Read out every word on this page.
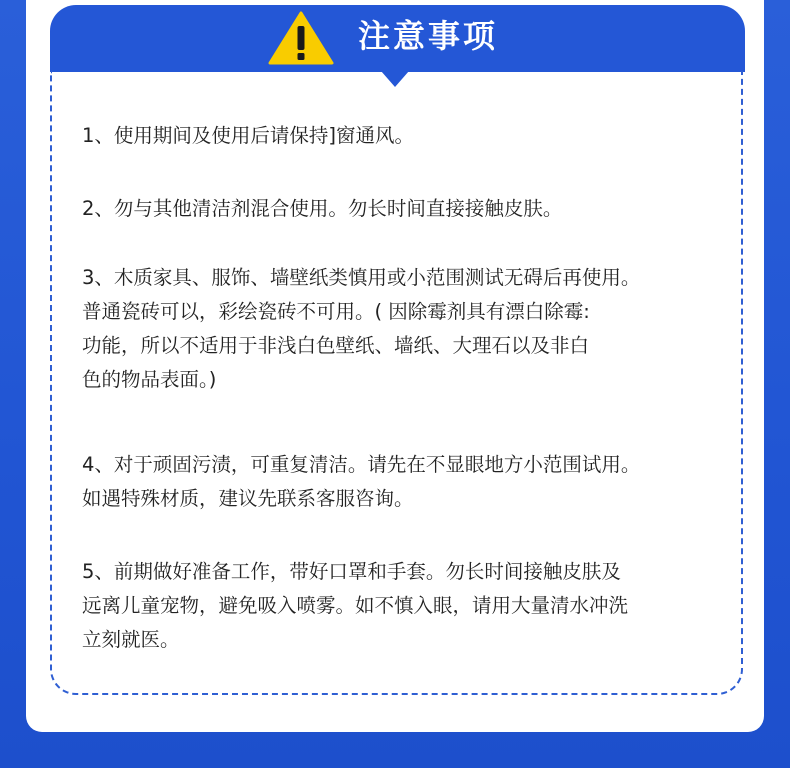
注意事项
1、使用期间及使用后请保持]窗通风。
2、勿与其他清洁剂混合使用。勿长时间直接接触皮肤。
3、木质家具、服饰、墙壁纸类慎用或小范围测试无碍后再使用。
普通瓷砖可以，彩绘瓷砖不可用。( 因除霉剂具有漂白除霉:
功能，所以不适用于非浅白色壁纸、墙纸、大理石以及非白
色的物品表面。)
4、对于顽固污渍，可重复清洁。请先在不显眼地方小范围试用。
如遇特殊材质，建议先联系客服咨询。
5、前期做好准备工作，带好口罩和手套。勿长时间接触皮肤及
远离儿童宠物，避免吸入喷雾。如不慎入眼，请用大量清水冲洗
立刻就医。
